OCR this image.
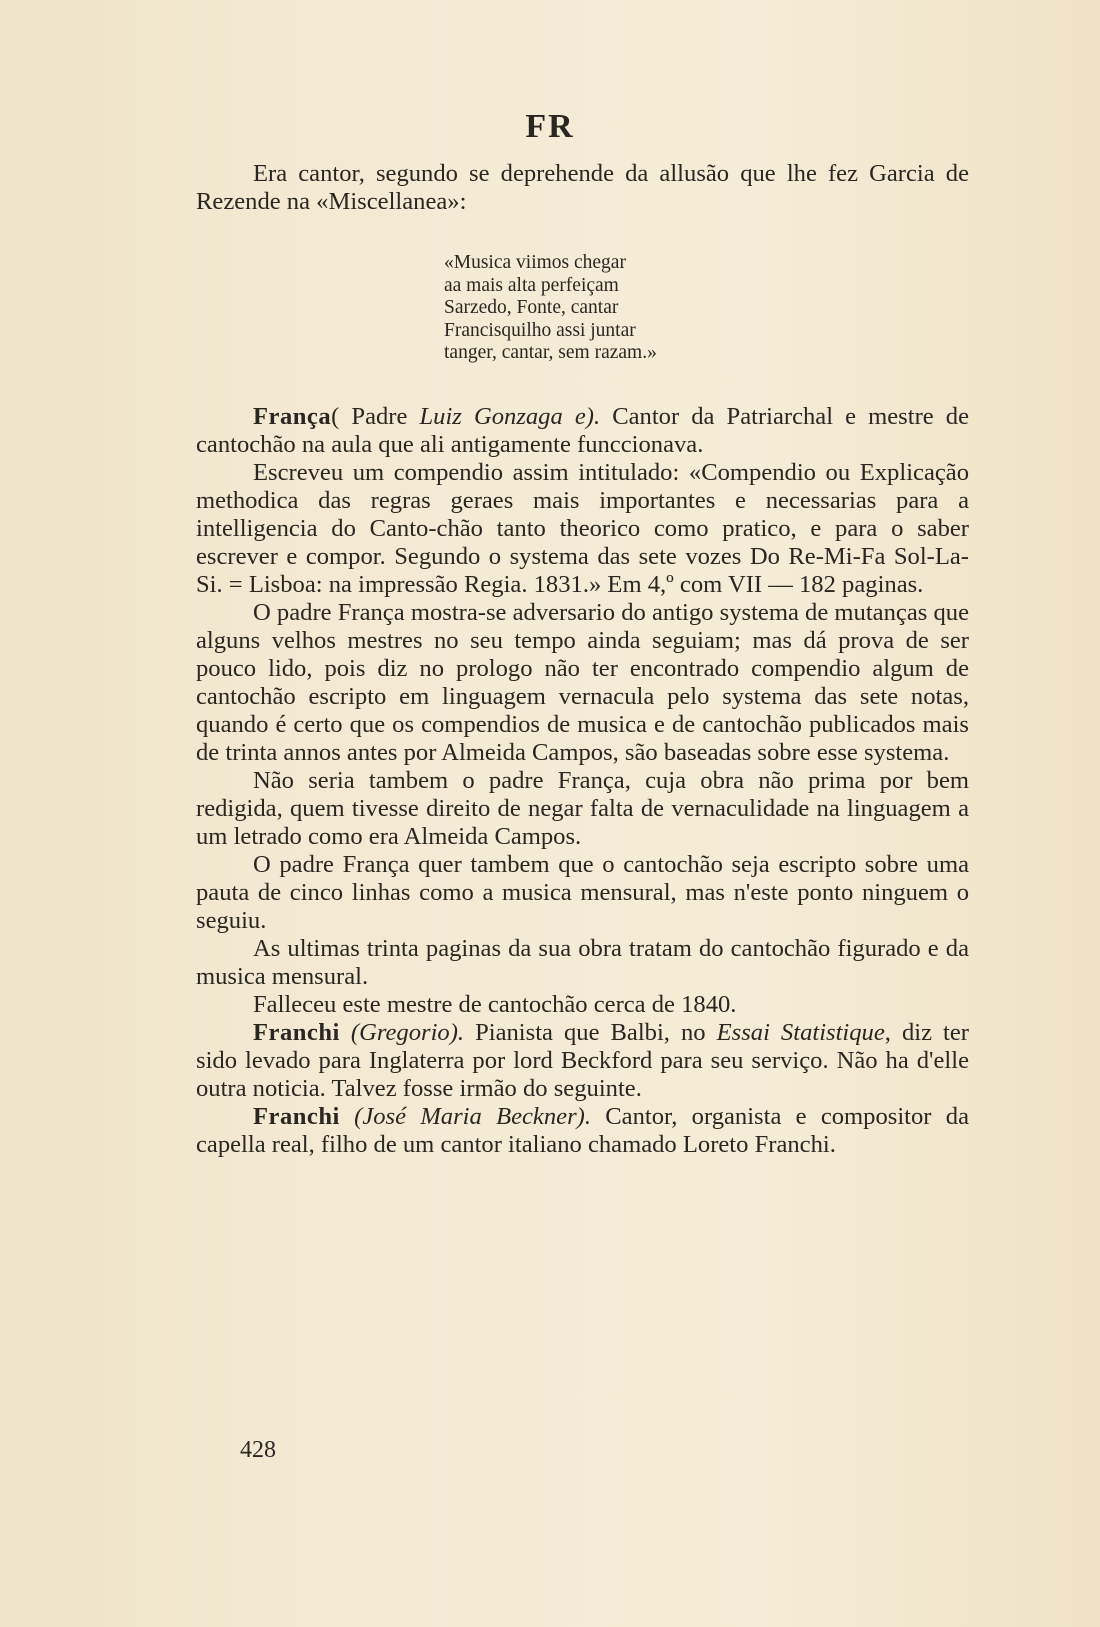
FR

Era cantor, segundo se deprehende da allusão que lhe fez Garcia de Rezende na «Miscellanea»:

«Musica viimos chegar
aa mais alta perfeiçam
Sarzedo, Fonte, cantar
Francisquilho assi juntar
tanger, cantar, sem razam.»

França( Padre Luiz Gonzaga e). Cantor da Patriarchal e mestre de cantochão na aula que ali antigamente funccionava.

Escreveu um compendio assim intitulado: «Compendio ou Explicação methodica das regras geraes mais importantes e necessarias para a intelligencia do Canto-chão tanto theorico como pratico, e para o saber escrever e compor. Segundo o systema das sete vozes Do Re-Mi-Fa Sol-La-Si. = Lisboa: na impressão Regia. 1831.» Em 4,º com VII — 182 paginas.

O padre França mostra-se adversario do antigo systema de mutanças que alguns velhos mestres no seu tempo ainda seguiam; mas dá prova de ser pouco lido, pois diz no prologo não ter encontrado compendio algum de cantochão escripto em linguagem vernacula pelo systema das sete notas, quando é certo que os compendios de musica e de cantochão publicados mais de trinta annos antes por Almeida Campos, são baseadas sobre esse systema.

Não seria tambem o padre França, cuja obra não prima por bem redigida, quem tivesse direito de negar falta de vernaculidade na linguagem a um letrado como era Almeida Campos.

O padre França quer tambem que o cantochão seja escripto sobre uma pauta de cinco linhas como a musica mensural, mas n'este ponto ninguem o seguiu.

As ultimas trinta paginas da sua obra tratam do cantochão figurado e da musica mensural.

Falleceu este mestre de cantochão cerca de 1840.

Franchi (Gregorio). Pianista que Balbi, no Essai Statistique, diz ter sido levado para Inglaterra por lord Beckford para seu serviço. Não ha d'elle outra noticia. Talvez fosse irmão do seguinte.

Franchi (José Maria Beckner). Cantor, organista e compositor da capella real, filho de um cantor italiano chamado Loreto Franchi.

428
